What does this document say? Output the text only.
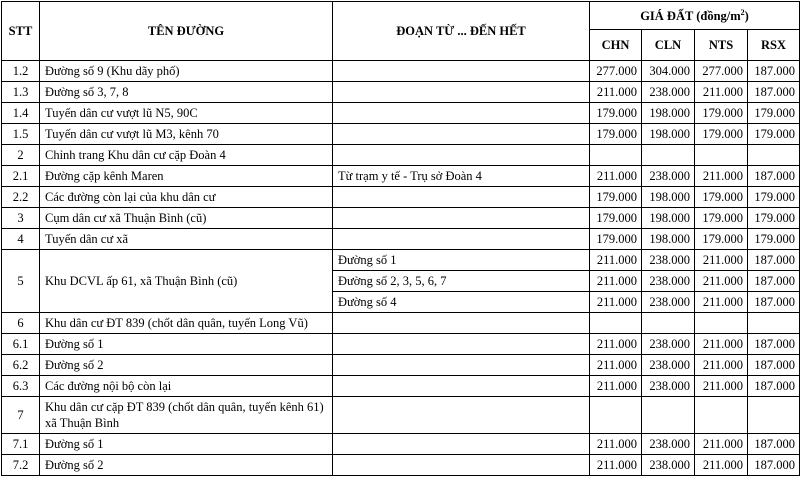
STT	TÊN ĐƯỜNG	ĐOẠN TỪ ... ĐẾN HẾT	GIÁ ĐẤT $(đồng/m^2)$			
			CHN	CLN	NTS	RSX
1.2	Đường số 9 (Khu dãy phố)		277.000	304.000	277.000	187.000
1.3	Đường số 3, 7, 8		211.000	238.000	211.000	187.000
1.4	Tuyến dân cư vượt lũ N5, 90C		179.000	198.000	179.000	179.000
1.5	Tuyến dân cư vượt lũ M3, kênh 70		179.000	198.000	179.000	179.000
2	Chỉnh trang Khu dân cư cặp Đoàn 4					
2.1	Đường cặp kênh Maren	Từ trạm y tế - Trụ sở Đoàn 4	211.000	238.000	211.000	187.000
2.2	Các đường còn lại của khu dân cư		179.000	198.000	179.000	179.000
3	Cụm dân cư xã Thuận Bình (cũ)		179.000	198.000	179.000	179.000
4	Tuyến dân cư xã		179.000	198.000	179.000	179.000
5	Khu DCVL ấp 61, xã Thuận Bình (cũ)	Đường số 1	211.000	238.000	211.000	187.000
		Đường số 2, 3, 5, 6, 7	211.000	238.000	211.000	187.000
		Đường số 4	211.000	238.000	211.000	187.000
6	Khu dân cư ĐT 839 (chốt dân quân, tuyến Long Vũ)					
6.1	Đường số 1		211.000	238.000	211.000	187.000
6.2	Đường số 2		211.000	238.000	211.000	187.000
6.3	Các đường nội bộ còn lại		211.000	238.000	211.000	187.000
7	Khu dân cư cặp ĐT 839 (chốt dân quân, tuyến kênh 61) xã Thuận Bình					
7.1	Đường số 1		211.000	238.000	211.000	187.000
7.2	Đường số 2		211.000	238.000	211.000	187.000
